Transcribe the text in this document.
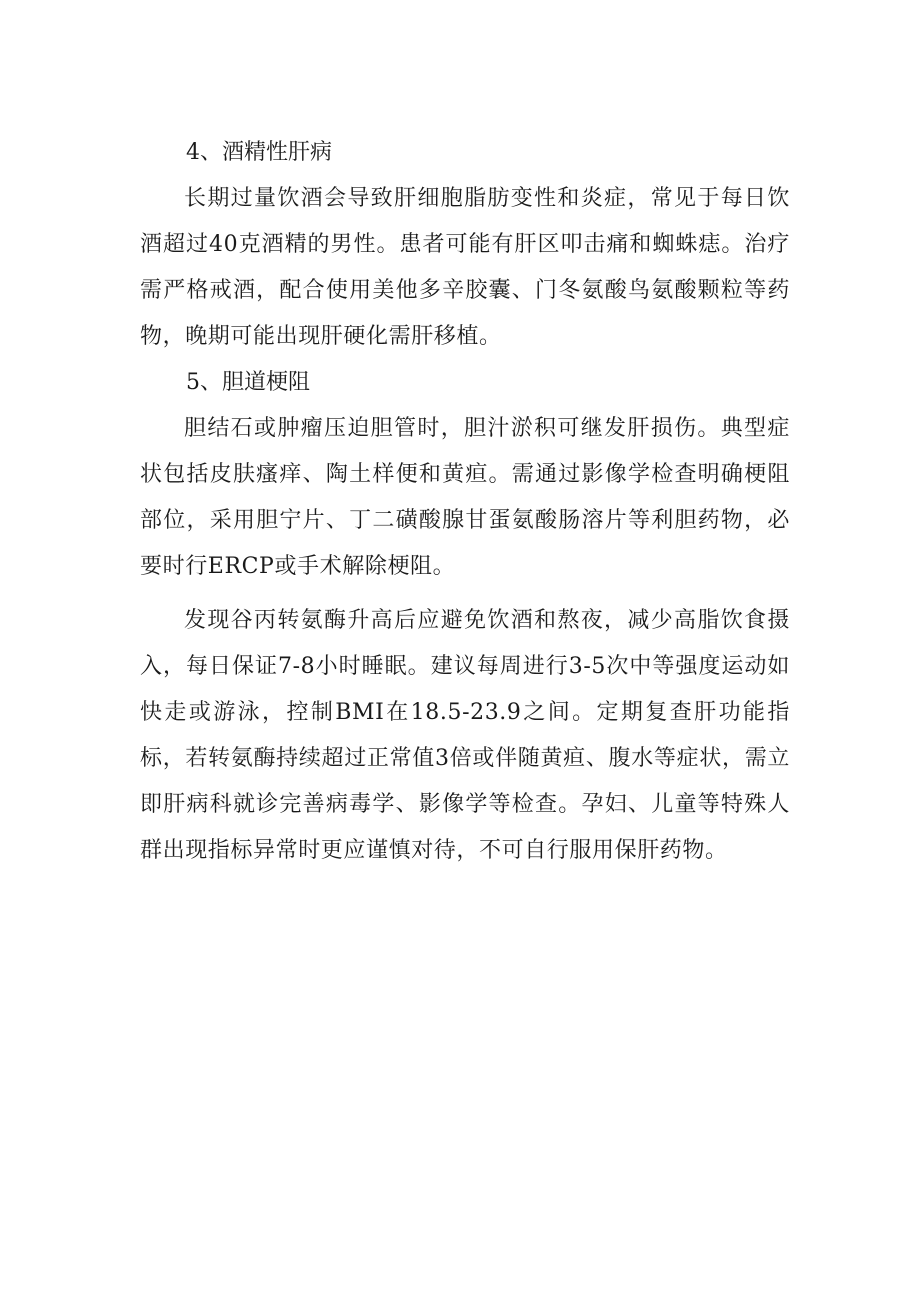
4、酒精性肝病

长期过量饮酒会导致肝细胞脂肪变性和炎症，常见于每日饮酒超过40克酒精的男性。患者可能有肝区叩击痛和蜘蛛痣。治疗需严格戒酒，配合使用美他多辛胶囊、门冬氨酸鸟氨酸颗粒等药物，晚期可能出现肝硬化需肝移植。

5、胆道梗阻

胆结石或肿瘤压迫胆管时，胆汁淤积可继发肝损伤。典型症状包括皮肤瘙痒、陶土样便和黄疸。需通过影像学检查明确梗阻部位，采用胆宁片、丁二磺酸腺甘蛋氨酸肠溶片等利胆药物，必要时行ERCP或手术解除梗阻。

发现谷丙转氨酶升高后应避免饮酒和熬夜，减少高脂饮食摄入，每日保证7-8小时睡眠。建议每周进行3-5次中等强度运动如快走或游泳，控制BMI在18.5-23.9之间。定期复查肝功能指标，若转氨酶持续超过正常值3倍或伴随黄疸、腹水等症状，需立即肝病科就诊完善病毒学、影像学等检查。孕妇、儿童等特殊人群出现指标异常时更应谨慎对待，不可自行服用保肝药物。
